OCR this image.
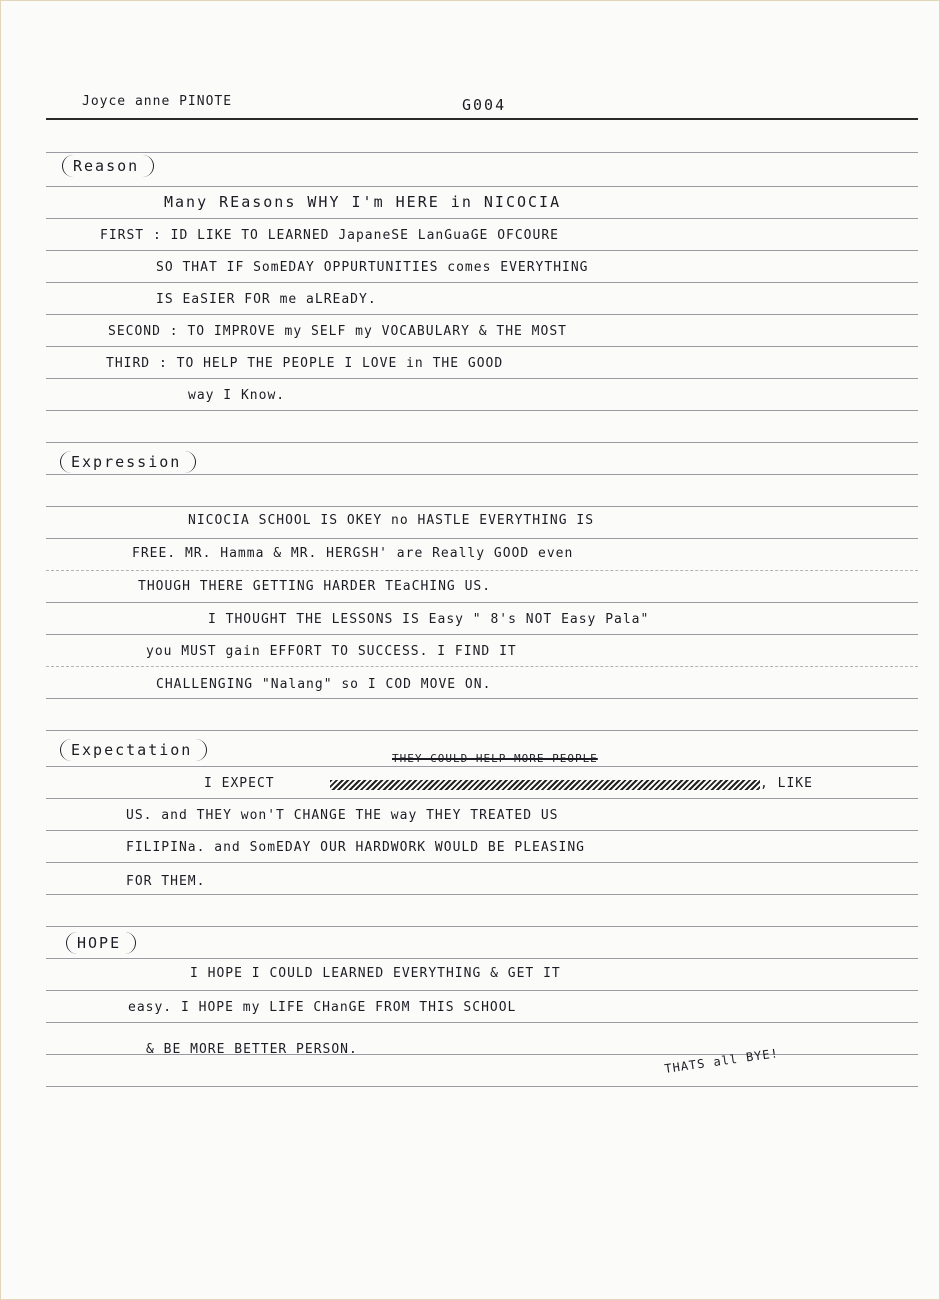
Joyce anne PINOTE	G004
Reason
Many REasons WHY I'm HERE in NICOCIA
FIRST : ID LIKE TO LEARNED JapaneSE LanGuaGE OFCOURE
SO THAT IF SomEDAY OPPURTUNITIES comes EVERYTHING
IS EaSIER FOR me aLREaDY.
SECOND : TO IMPROVE my SELF my VOCABULARY & THE MOST
THIRD : TO HELP THE PEOPLE I LOVE in THE GOOD
way I Know.
Expression
NICOCIA SCHOOL IS OKEY no HASTLE EVERYTHING IS
FREE. MR. Hamma & MR. HERGSH' are Really GOOD even
THOUGH THERE GETTING HARDER TEaCHING US.
I THOUGHT THE LESSONS IS Easy " 8's NOT Easy Pala"
you MUST gain EFFORT TO SUCCESS. I FIND IT
CHALLENGING "Nalang" so I COD MOVE ON.
Expectation	THEY COULD HELP MORE PEOPLE
I EXPECT	, LIKE
US. and THEY won'T CHANGE THE way THEY TREATED US
FILIPINa. and SomEDAY OUR HARDWORK WOULD BE PLEASING
FOR THEM.
HOPE
I HOPE I COULD LEARNED EVERYTHING & GET IT
easy. I HOPE my LIFE CHanGE FROM THIS SCHOOL
& BE MORE BETTER PERSON.	THATS all BYE!
